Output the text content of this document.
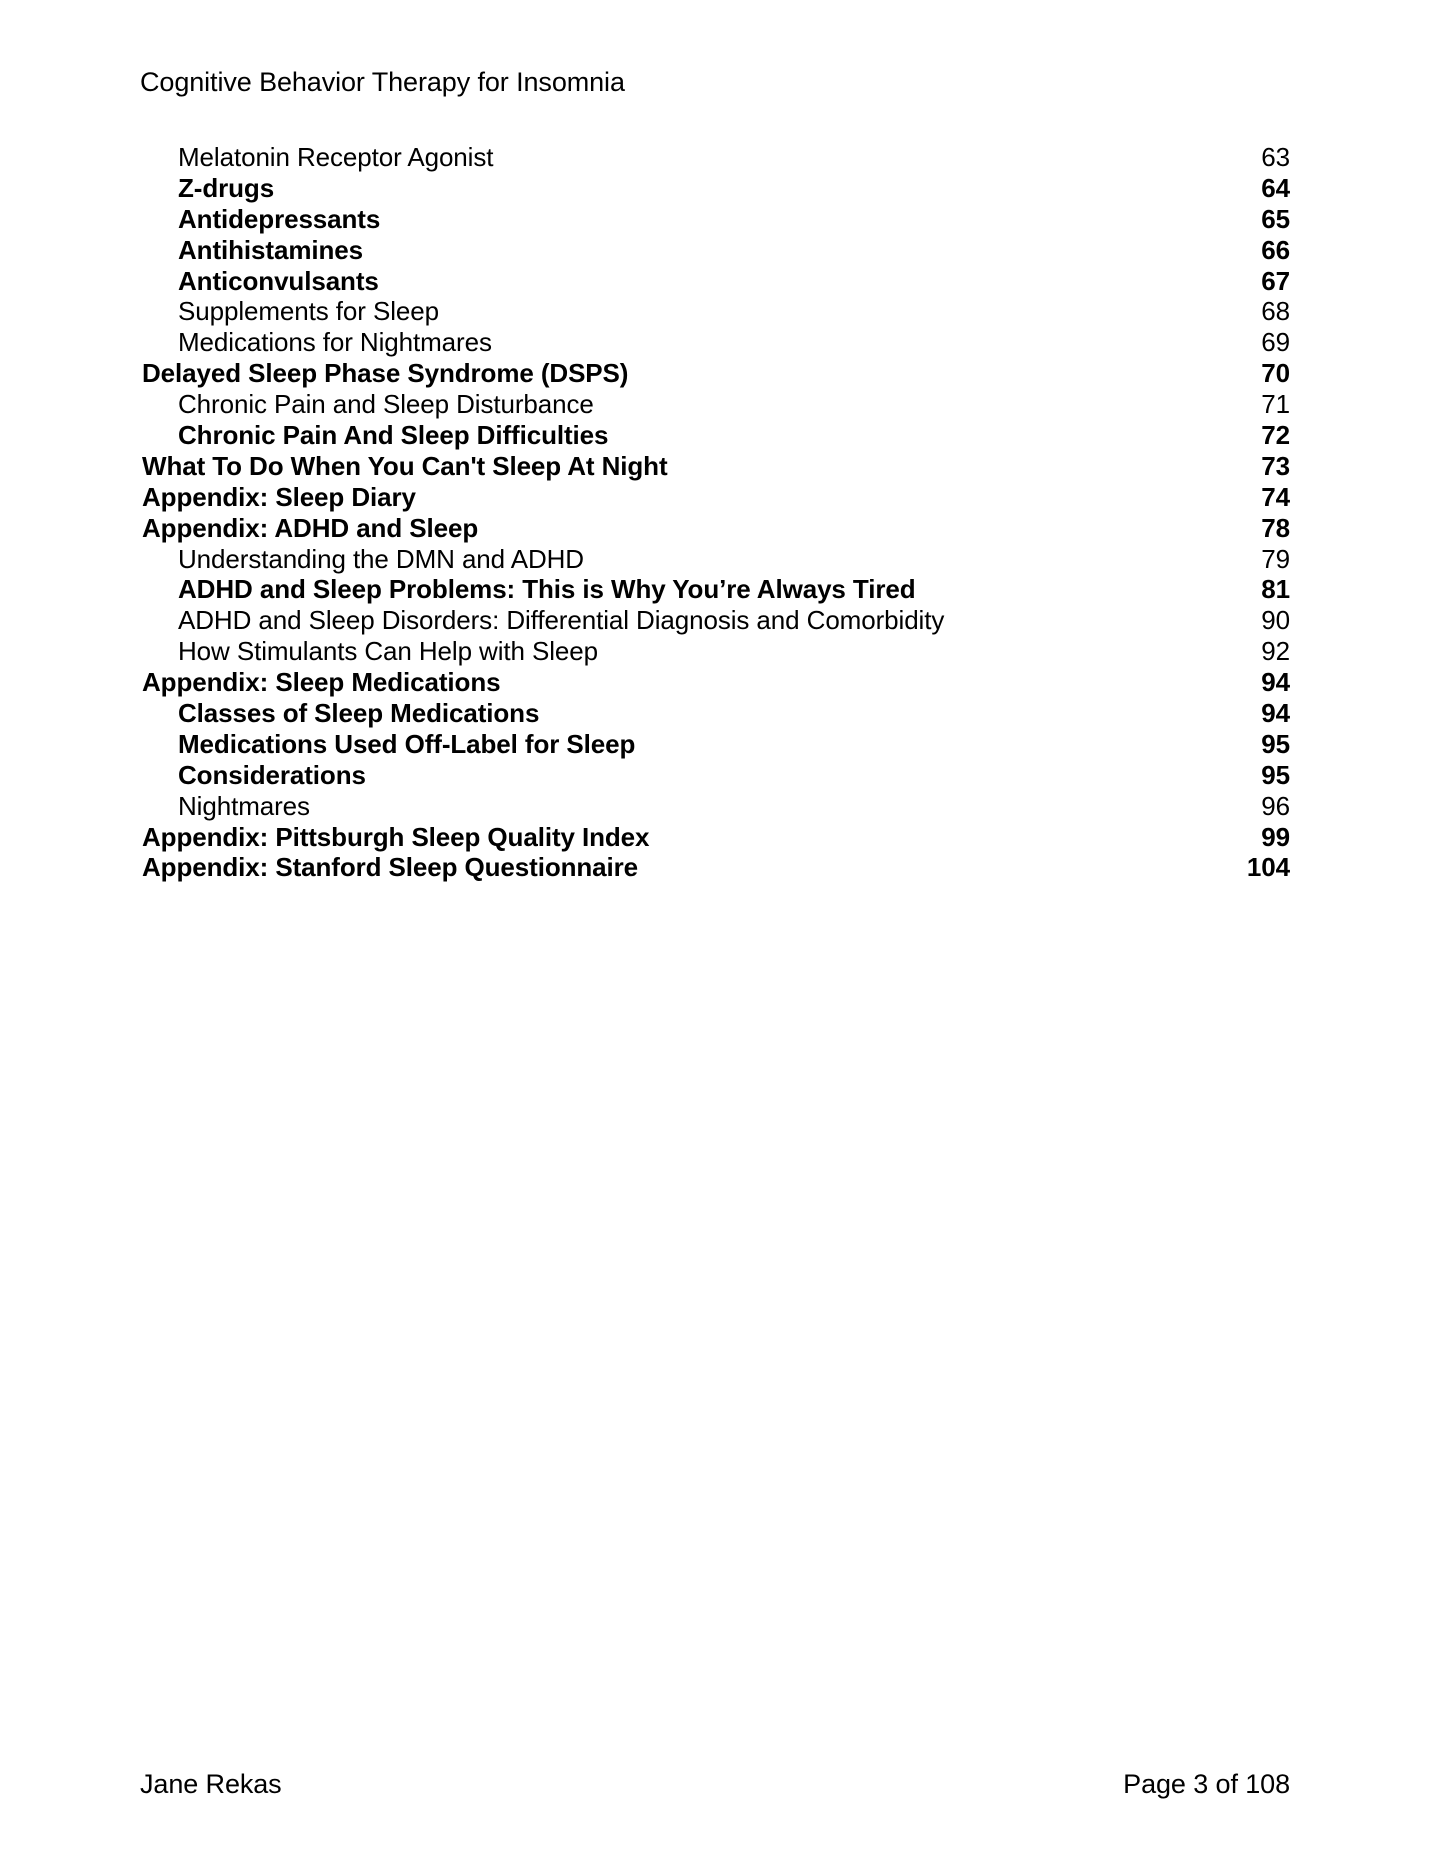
Cognitive Behavior Therapy for Insomnia
Melatonin Receptor Agonist	63
Z-drugs	64
Antidepressants	65
Antihistamines	66
Anticonvulsants	67
Supplements for Sleep	68
Medications for Nightmares	69
Delayed Sleep Phase Syndrome (DSPS)	70
Chronic Pain and Sleep Disturbance	71
Chronic Pain And Sleep Difficulties	72
What To Do When You Can't Sleep At Night	73
Appendix: Sleep Diary	74
Appendix: ADHD and Sleep	78
Understanding the DMN and ADHD	79
ADHD and Sleep Problems: This is Why You’re Always Tired	81
ADHD and Sleep Disorders: Differential Diagnosis and Comorbidity	90
How Stimulants Can Help with Sleep	92
Appendix: Sleep Medications	94
Classes of Sleep Medications	94
Medications Used Off-Label for Sleep	95
Considerations	95
Nightmares	96
Appendix: Pittsburgh Sleep Quality Index	99
Appendix: Stanford Sleep Questionnaire	104
Jane Rekas	Page 3 of 108
